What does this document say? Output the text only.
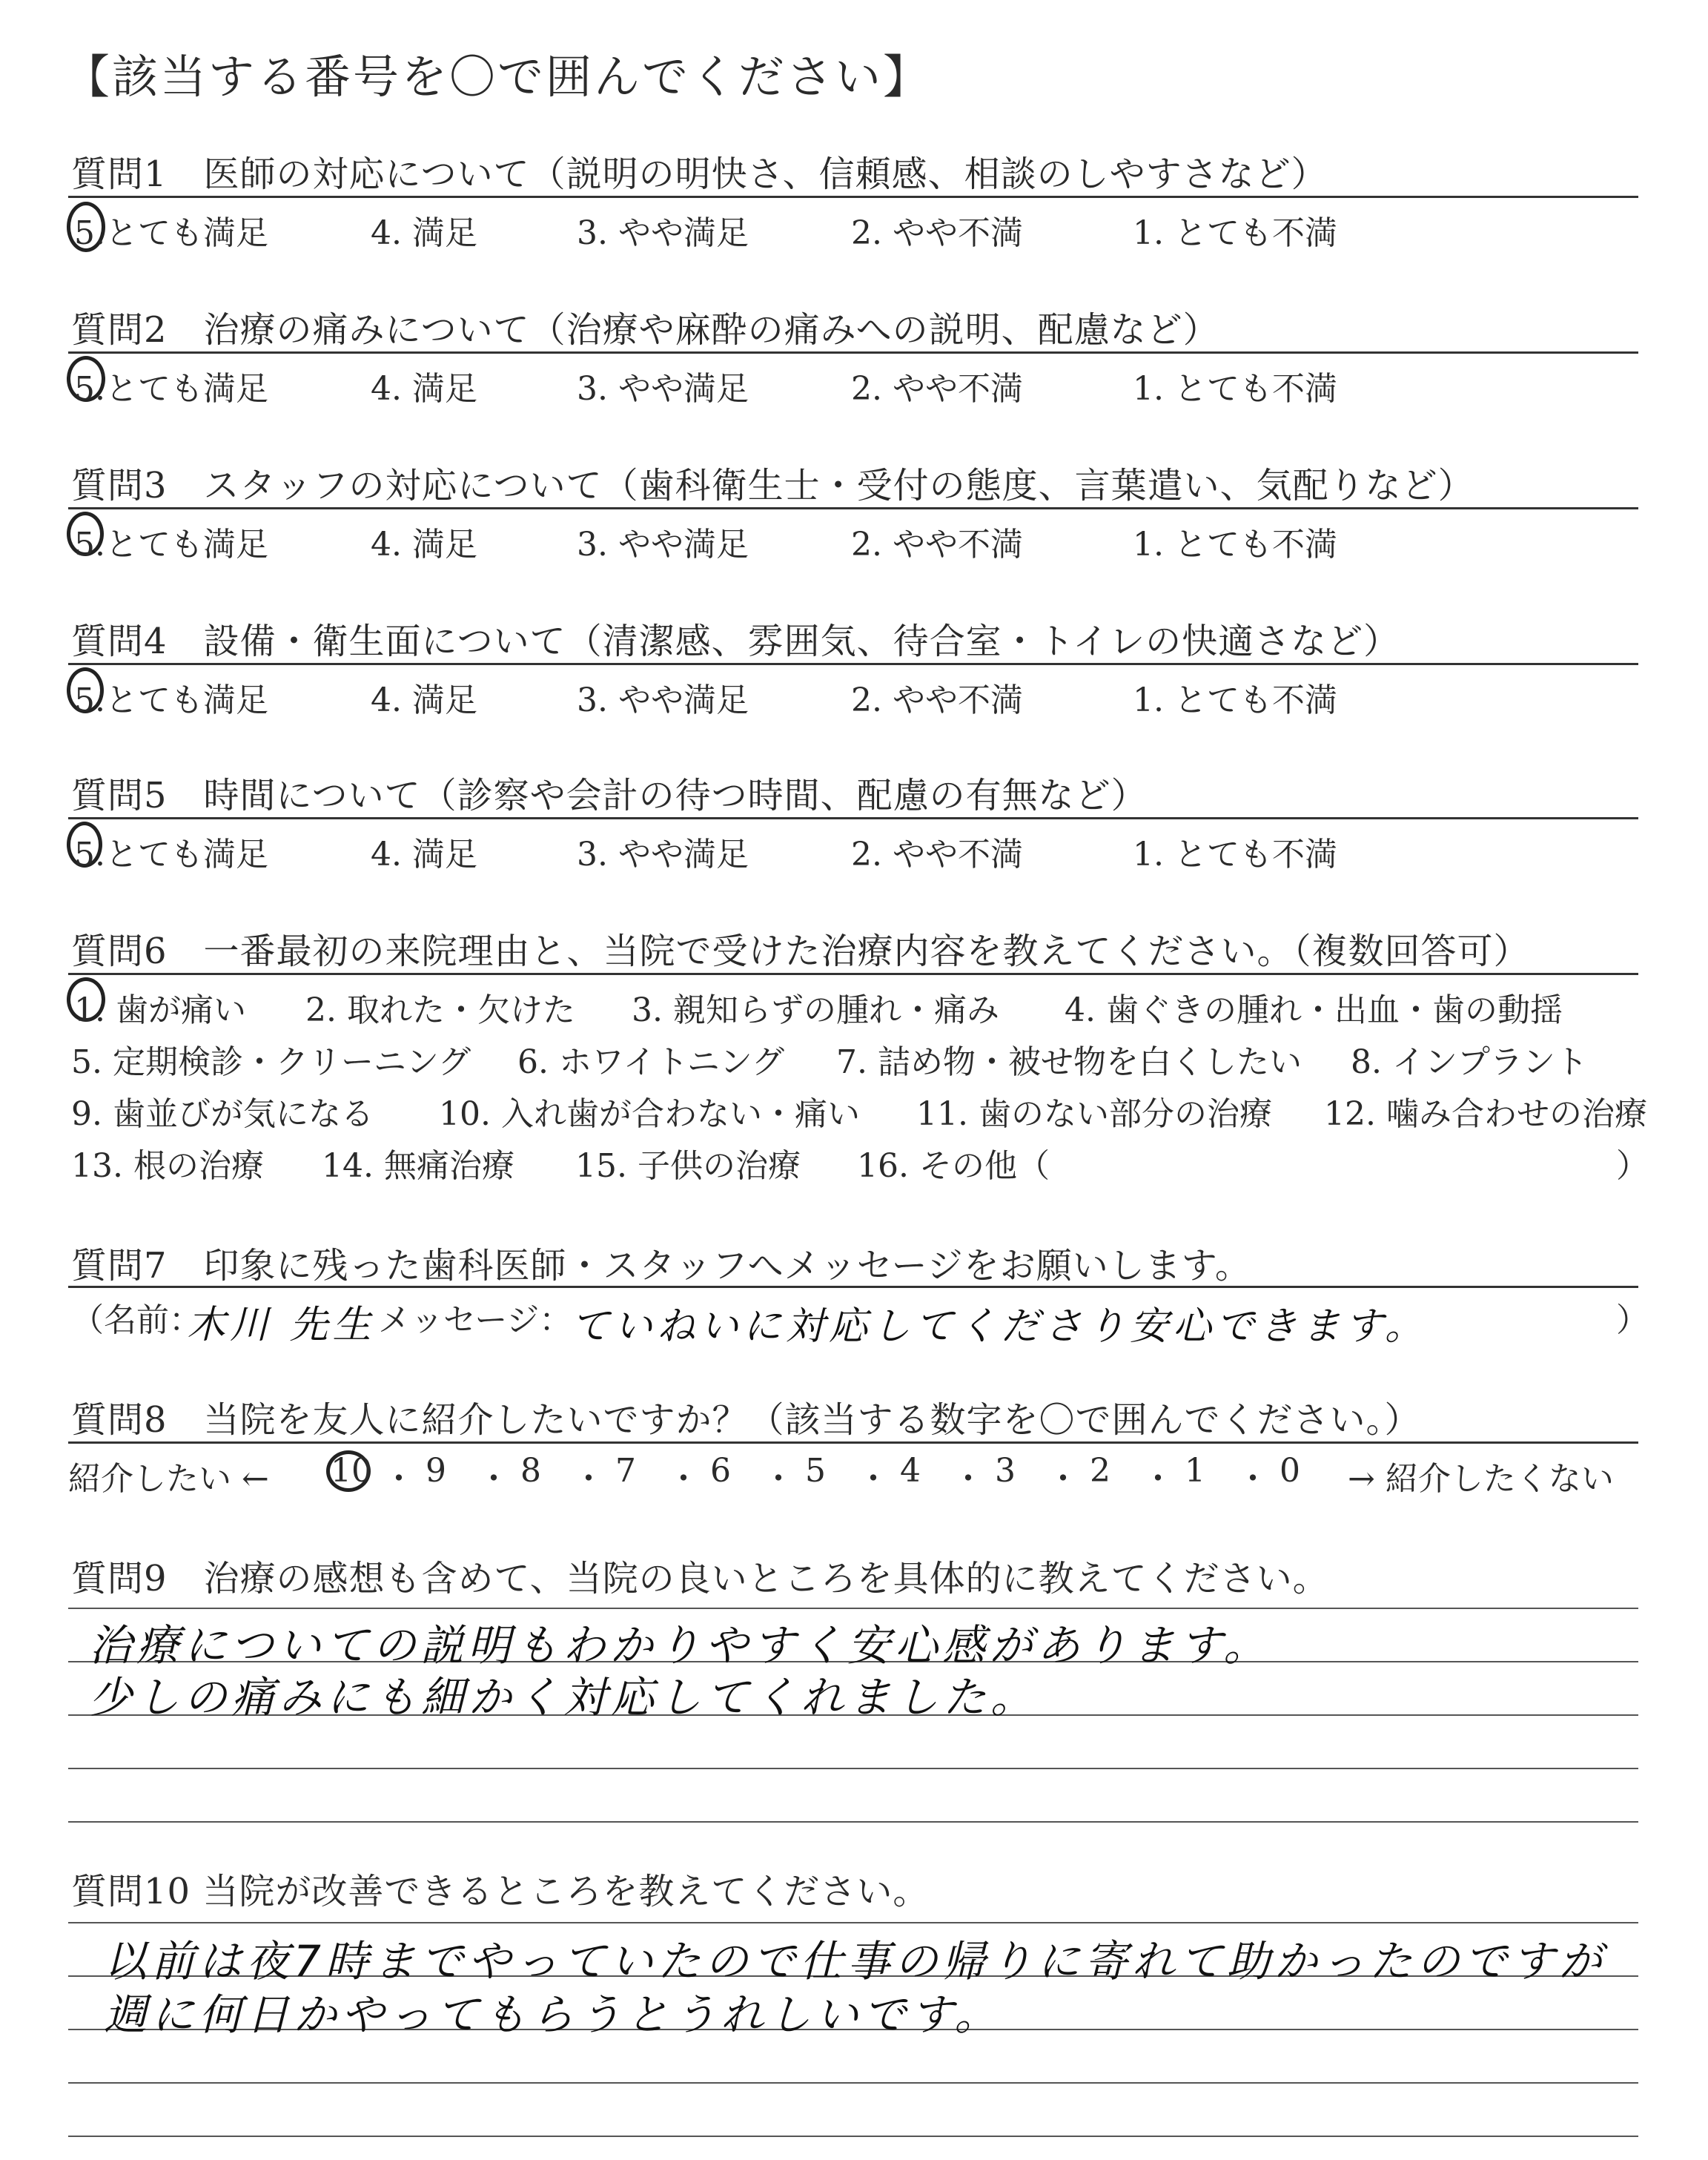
【該当する番号を〇で囲んでください】
質問1　医師の対応について（説明の明快さ、信頼感、相談のしやすさなど）
5.とても満足	4. 満足	3. やや満足	2. やや不満	1. とても不満
質問2　治療の痛みについて（治療や麻酔の痛みへの説明、配慮など）
5.とても満足	4. 満足	3. やや満足	2. やや不満	1. とても不満
質問3　スタッフの対応について（歯科衛生士・受付の態度、言葉遣い、気配りなど）
5.とても満足	4. 満足	3. やや満足	2. やや不満	1. とても不満
質問4　設備・衛生面について（清潔感、雰囲気、待合室・トイレの快適さなど）
5.とても満足	4. 満足	3. やや満足	2. やや不満	1. とても不満
質問5　時間について（診察や会計の待つ時間、配慮の有無など）
5.とても満足	4. 満足	3. やや満足	2. やや不満	1. とても不満
質問6　一番最初の来院理由と、当院で受けた治療内容を教えてください。（複数回答可）
1. 歯が痛い 2. 取れた・欠けた 3. 親知らずの腫れ・痛み 4. 歯ぐきの腫れ・出血・歯の動揺
5. 定期検診・クリーニング 6. ホワイトニング 7. 詰め物・被せ物を白くしたい 8. インプラント
9. 歯並びが気になる 10. 入れ歯が合わない・痛い 11. 歯のない部分の治療 12. 噛み合わせの治療
13. 根の治療 14. 無痛治療 15. 子供の治療 16. その他（	）
質問7　印象に残った歯科医師・スタッフへメッセージをお願いします。
（名前：
木川 先生 メッセージ：
ていねいに対応してくださり安心できます。	）
質問8　当院を友人に紹介したいですか？（該当する数字を〇で囲んでください。）
紹介したい ← 10 ・ 9 ・ 8 ・ 7 ・ 6 ・ 5 ・ 4 ・ 3 ・ 2 ・ 1 ・ 0 → 紹介したくない
質問9　治療の感想も含めて、当院の良いところを具体的に教えてください。
治療についての説明もわかりやすく安心感があります。
少しの痛みにも細かく対応してくれました。
質問10 当院が改善できるところを教えてください。
以前は夜7時までやっていたので仕事の帰りに寄れて助かったのですが
週に何日かやってもらうとうれしいです。
